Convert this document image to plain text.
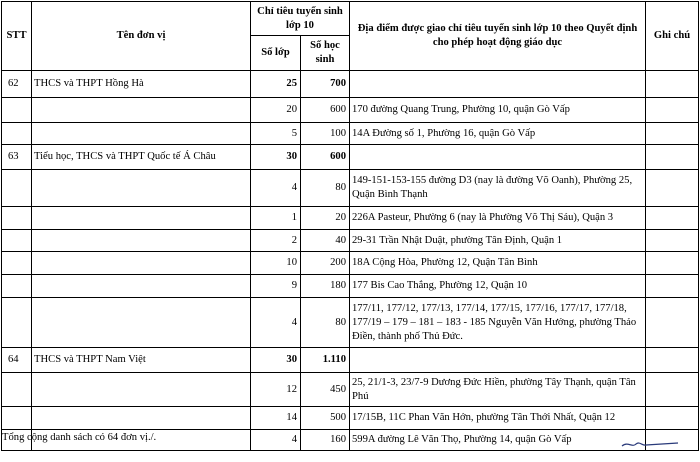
STT	Tên đơn vị	Chỉ tiêu tuyển sinh lớp 10		Địa điểm được giao chỉ tiêu tuyển sinh lớp 10 theo Quyết định cho phép hoạt động giáo dục	Ghi chú
		Số lớp	Số học sinh		
62	THCS và THPT Hồng Hà	25	700		
		20	600	170 đường Quang Trung, Phường 10, quận Gò Vấp	
		5	100	14A Đường số 1, Phường 16, quận Gò Vấp	
63	Tiểu học, THCS và THPT Quốc tế Á Châu	30	600		
		4	80	149-151-153-155 đường D3 (nay là đường Võ Oanh), Phường 25, Quận Bình Thạnh	
		1	20	226A Pasteur, Phường 6 (nay là Phường Võ Thị Sáu), Quận 3	
		2	40	29-31 Trần Nhật Duật, phường Tân Định, Quận 1	
		10	200	18A Cộng Hòa, Phường 12, Quận Tân Bình	
		9	180	177 Bis Cao Thắng, Phường 12, Quận 10	
		4	80	177/11, 177/12, 177/13, 177/14, 177/15, 177/16, 177/17, 177/18, 177/19 – 179 – 181 – 183 - 185 Nguyễn Văn Hưởng, phường Thảo Điền, thành phố Thủ Đức.	
64	THCS và THPT Nam Việt	30	1.110		
		12	450	25, 21/1-3, 23/7-9 Dương Đức Hiền, phường Tây Thạnh, quận Tân Phú	
		14	500	17/15B, 11C Phan Văn Hớn, phường Tân Thới Nhất, Quận 12	
		4	160	599A đường Lê Văn Thọ, Phường 14, quận Gò Vấp	
Tổng cộng danh sách có 64 đơn vị./.
